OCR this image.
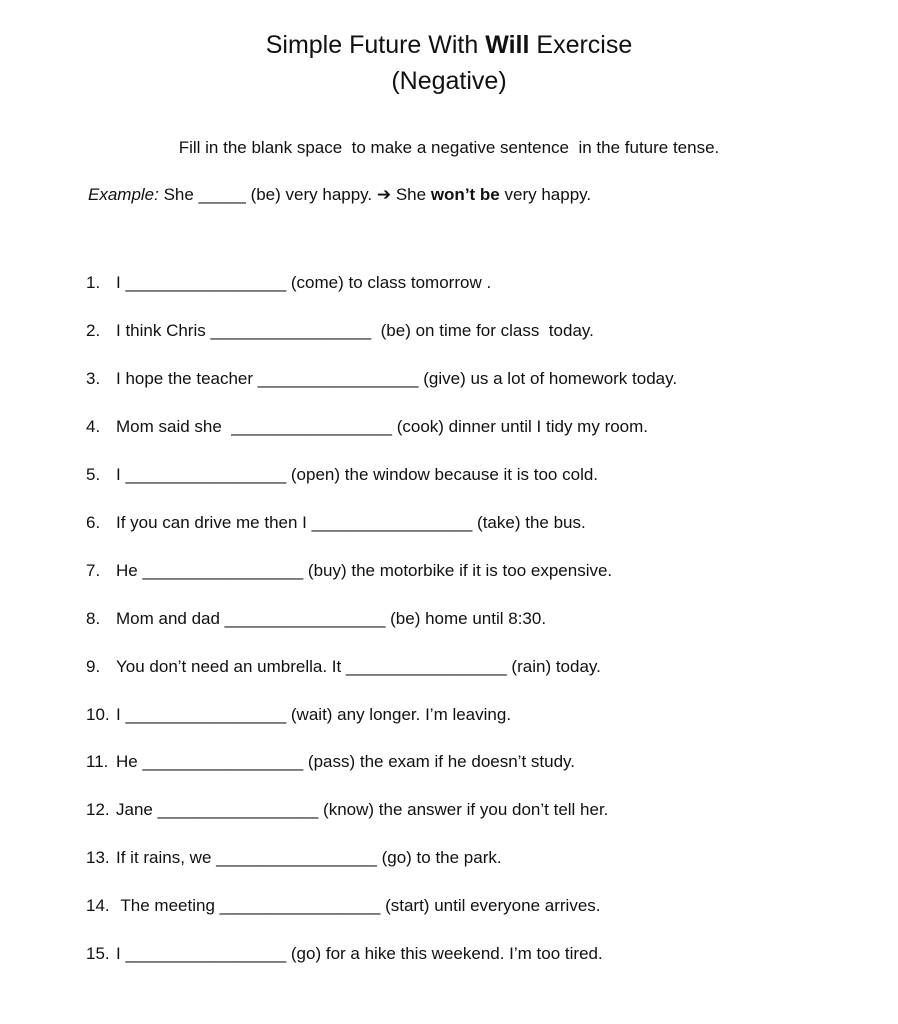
Simple Future With Will Exercise
(Negative)
Fill in the blank space  to make a negative sentence  in the future tense.
Example: She _____ (be) very happy. ➔ She won’t be very happy.
1. I _________________ (come) to class tomorrow .
2. I think Chris _________________  (be) on time for class  today.
3. I hope the teacher _________________ (give) us a lot of homework today.
4. Mom said she  _________________ (cook) dinner until I tidy my room.
5. I _________________ (open) the window because it is too cold.
6. If you can drive me then I _________________ (take) the bus.
7. He _________________ (buy) the motorbike if it is too expensive.
8. Mom and dad _________________ (be) home until 8:30.
9. You don’t need an umbrella. It _________________ (rain) today.
10. I _________________ (wait) any longer. I’m leaving.
11. He _________________ (pass) the exam if he doesn’t study.
12. Jane _________________ (know) the answer if you don’t tell her.
13. If it rains, we _________________ (go) to the park.
14. The meeting _________________ (start) until everyone arrives.
15. I _________________ (go) for a hike this weekend. I’m too tired.
